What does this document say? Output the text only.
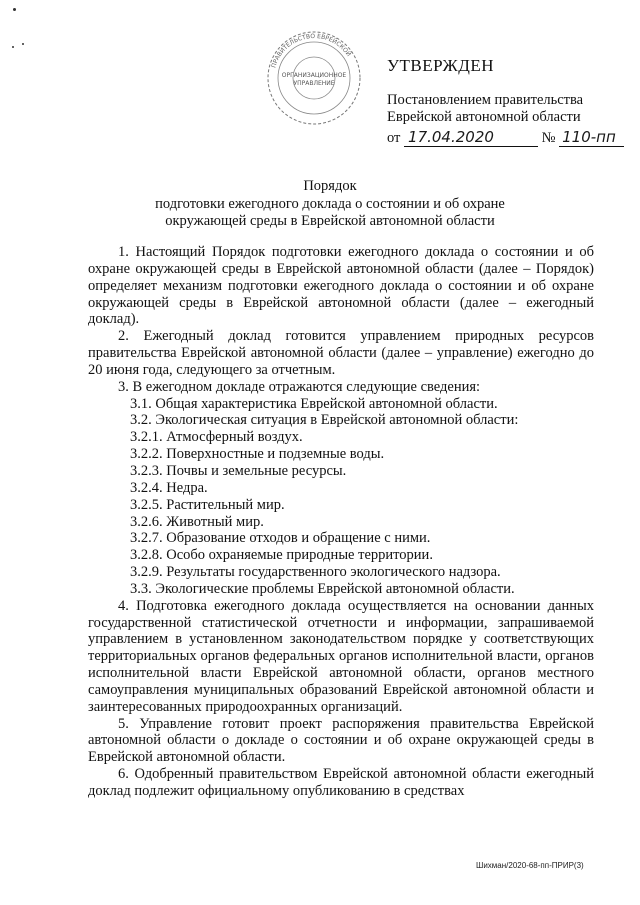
ПРАВИТЕЛЬСТВО ЕВРЕЙСКОЙ
ОРГАНИЗАЦИОННОЕ
УПРАВЛЕНИЕ
УТВЕРЖДЕН
Постановлением правительства
Еврейской автономной области
от 17.04.2020	№ 110-пп
Порядок
подготовки ежегодного доклада о состоянии и об охране
окружающей среды в Еврейской автономной области

1. Настоящий Порядок подготовки ежегодного доклада о состоянии и об охране окружающей среды в Еврейской автономной области (далее – Порядок) определяет механизм подготовки ежегодного доклада о состоянии и об охране окружающей среды в Еврейской автономной области (далее – ежегодный доклад).

2. Ежегодный доклад готовится управлением природных ресурсов правительства Еврейской автономной области (далее – управление) ежегодно до 20 июня года, следующего за отчетным.

3. В ежегодном докладе отражаются следующие сведения:

3.1. Общая характеристика Еврейской автономной области.

3.2. Экологическая ситуация в Еврейской автономной области:

3.2.1. Атмосферный воздух.

3.2.2. Поверхностные и подземные воды.

3.2.3. Почвы и земельные ресурсы.

3.2.4. Недра.

3.2.5. Растительный мир.

3.2.6. Животный мир.

3.2.7. Образование отходов и обращение с ними.

3.2.8. Особо охраняемые природные территории.

3.2.9. Результаты государственного экологического надзора.

3.3. Экологические проблемы Еврейской автономной области.

4. Подготовка ежегодного доклада осуществляется на основании данных государственной статистической отчетности и информации, запрашиваемой управлением в установленном законодательством порядке у соответствующих территориальных органов федеральных органов исполнительной власти, органов исполнительной власти Еврейской автономной области, органов местного самоуправления муниципальных образований Еврейской автономной области и заинтересованных природоохранных организаций.

5. Управление готовит проект распоряжения правительства Еврейской автономной области о докладе о состоянии и об охране окружающей среды в Еврейской автономной области.

6. Одобренный правительством Еврейской автономной области ежегодный доклад подлежит официальному опубликованию в средствах

Шихман/2020-68-пп-ПРИР(3)
